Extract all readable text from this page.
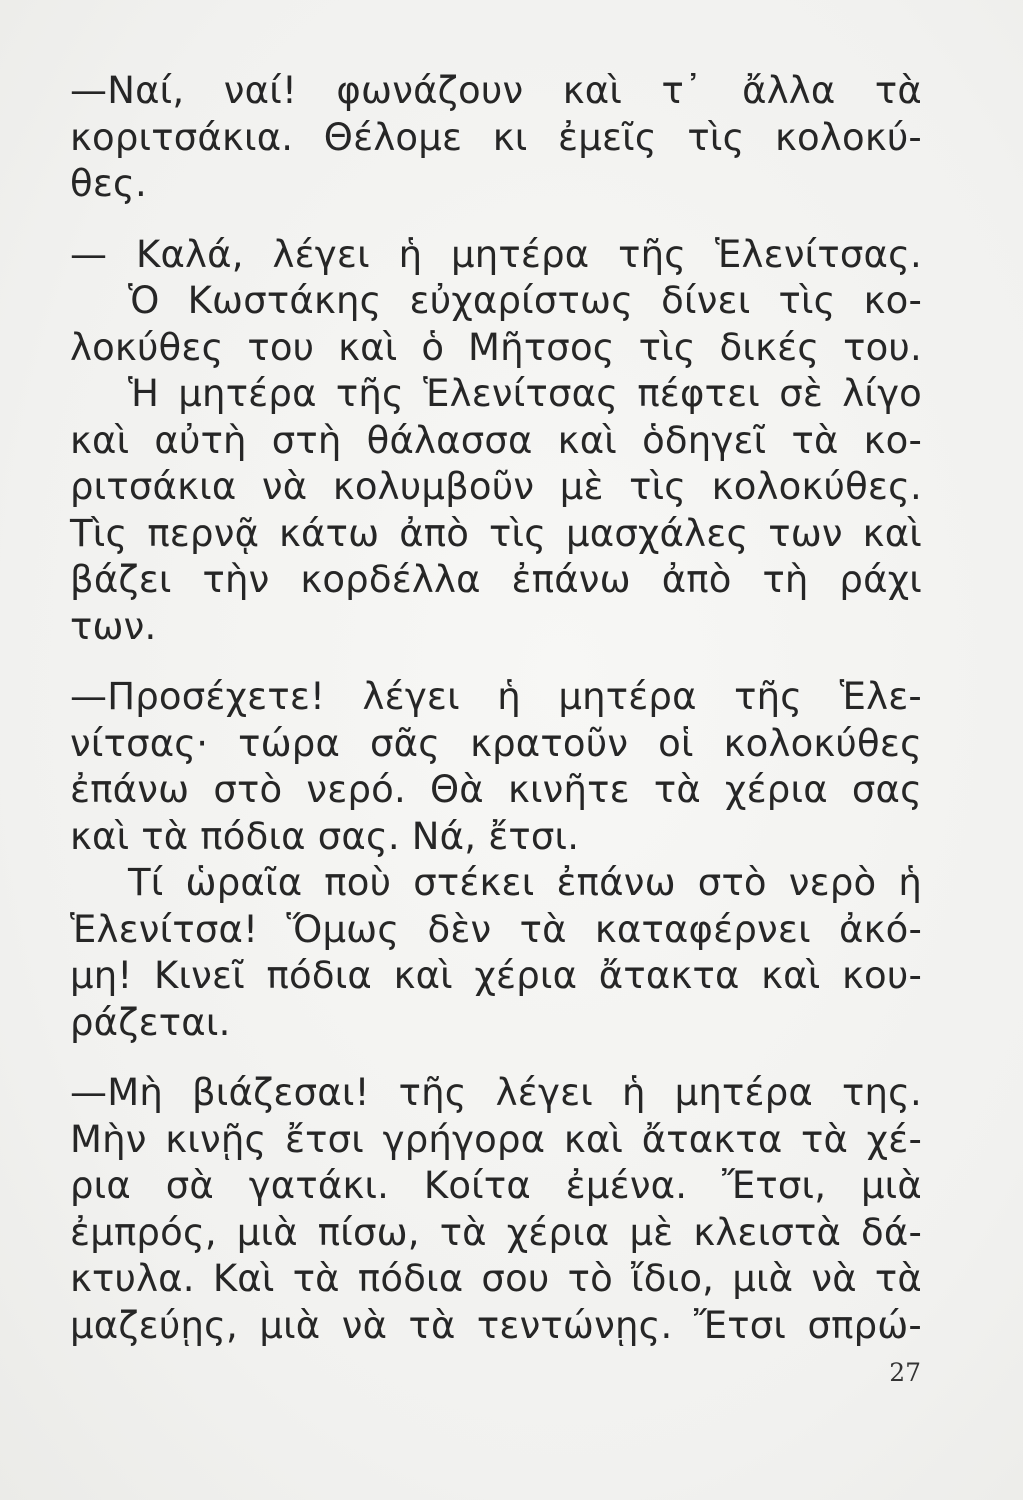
—Ναί, ναί! φωνάζουν καὶ τ᾽ ἄλλα τὰ
κοριτσάκια. Θέλομε κι ἐμεῖς τὶς κολοκύ-
θες.
— Καλά, λέγει ἡ μητέρα τῆς Ἑλενίτσας.
Ὁ Κωστάκης εὐχαρίστως δίνει τὶς κο-
λοκύθες του καὶ ὁ Μῆτσος τὶς δικές του.
Ἡ μητέρα τῆς Ἑλενίτσας πέφτει σὲ λίγο
καὶ αὐτὴ στὴ θάλασσα καὶ ὁδηγεῖ τὰ κο-
ριτσάκια νὰ κολυμβοῦν μὲ τὶς κολοκύθες.
Τὶς περνᾷ κάτω ἀπὸ τὶς μασχάλες των καὶ
βάζει τὴν κορδέλλα ἐπάνω ἀπὸ τὴ ράχι
των.
—Προσέχετε! λέγει ἡ μητέρα τῆς Ἑλε-
νίτσας· τώρα σᾶς κρατοῦν οἱ κολοκύθες
ἐπάνω στὸ νερό. Θὰ κινῆτε τὰ χέρια σας
καὶ τὰ πόδια σας. Νά, ἔτσι.
Τί ὡραῖα ποὺ στέκει ἐπάνω στὸ νερὸ ἡ
Ἑλενίτσα! Ὅμως δὲν τὰ καταφέρνει ἀκό-
μη! Κινεῖ πόδια καὶ χέρια ἄτακτα καὶ κου-
ράζεται.
—Μὴ βιάζεσαι! τῆς λέγει ἡ μητέρα της.
Μὴν κινῇς ἔτσι γρήγορα καὶ ἄτακτα τὰ χέ-
ρια σὰ γατάκι. Κοίτα ἐμένα. Ἔτσι, μιὰ
ἐμπρός, μιὰ πίσω, τὰ χέρια μὲ κλειστὰ δά-
κτυλα. Καὶ τὰ πόδια σου τὸ ἴδιο, μιὰ νὰ τὰ
μαζεύῃς, μιὰ νὰ τὰ τεντώνῃς. Ἔτσι σπρώ-
27
